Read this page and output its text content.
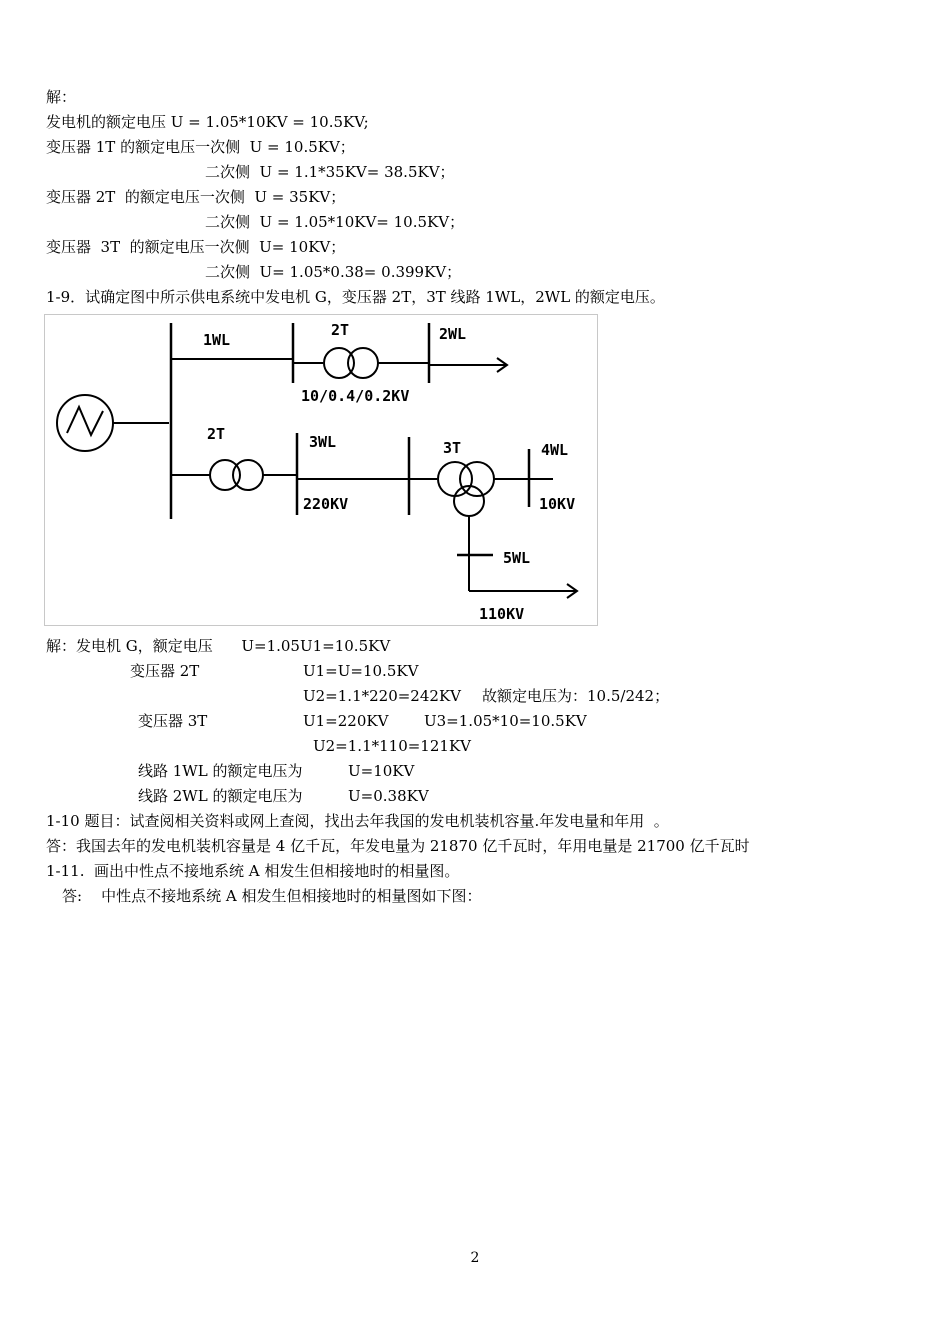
解：
发电机的额定电压 U = 1.05*10KV = 10.5KV;
变压器 1T 的额定电压一次侧  U = 10.5KV；
二次侧  U = 1.1*35KV= 38.5KV；
变压器 2T  的额定电压一次侧  U = 35KV；
二次侧  U = 1.05*10KV= 10.5KV；
变压器  3T  的额定电压一次侧  U= 10KV；
二次侧  U= 1.05*0.38= 0.399KV；
1-9．试确定图中所示供电系统中发电机 G，变压器 2T，3T 线路 1WL，2WL 的额定电压。
1WL
2T	2WL
10/0.4/0.2KV
2T	3WL
220KV
3T	4WL
10KV
5WL
110KV
解：发电机 G，额定电压      U=1.05U1=10.5KV
变压器 2T	U1=U=10.5KV
U2=1.1*220=242KV 故额定电压为：10.5/242；
变压器 3T	U1=220KV U3=1.05*10=10.5KV
U2=1.1*110=121KV
线路 1WL 的额定电压为	U=10KV
线路 2WL 的额定电压为	U=0.38KV
1-10 题目：试查阅相关资料或网上查阅，找出去年我国的发电机装机容量.年发电量和年用  。
答：我国去年的发电机装机容量是 4 亿千瓦，年发电量为 21870 亿千瓦时，年用电量是 21700 亿千瓦时
1-11.  画出中性点不接地系统 A 相发生但相接地时的相量图。
答:    中性点不接地系统 A 相发生但相接地时的相量图如下图：
2
